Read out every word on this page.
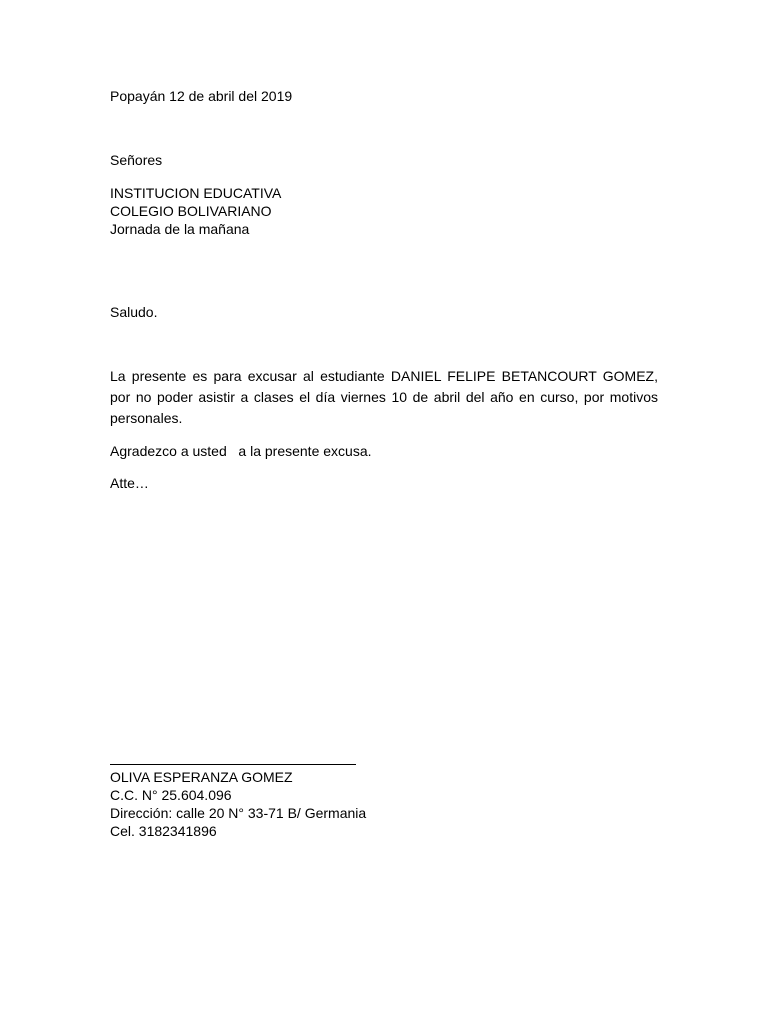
Popayán 12 de abril del 2019
Señores
INSTITUCION EDUCATIVA
COLEGIO BOLIVARIANO
Jornada de la mañana
Saludo.
La presente es para excusar al estudiante DANIEL FELIPE BETANCOURT GOMEZ, por no poder asistir a clases el día viernes 10 de abril del año en curso, por motivos personales.
Agradezco a usted   a la presente excusa.
Atte…
OLIVA ESPERANZA GOMEZ
C.C. N° 25.604.096
Dirección: calle 20 N° 33-71 B/ Germania
Cel. 3182341896
